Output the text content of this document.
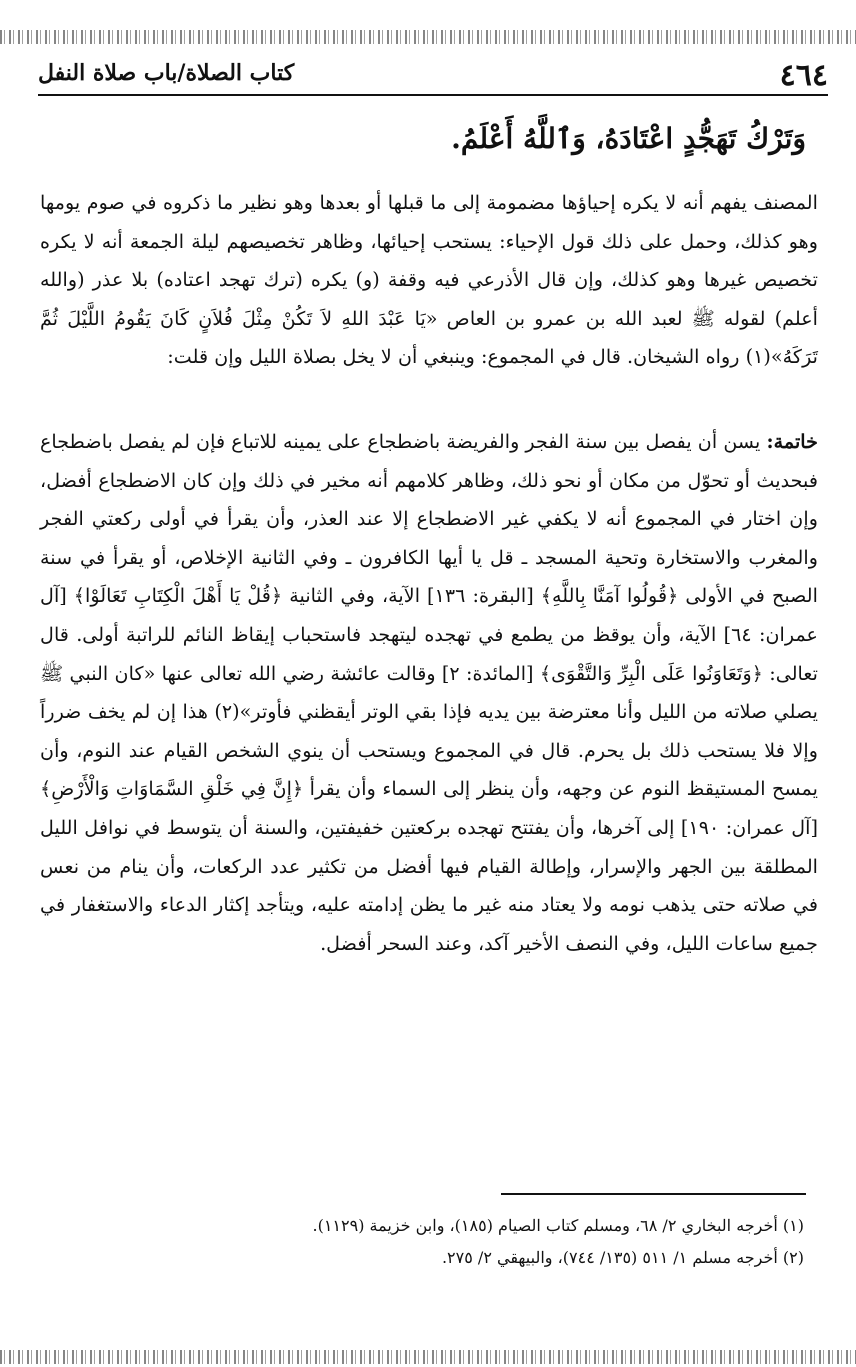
٤٦٤
كتاب الصلاة/باب صلاة النفل
وَتَرْكُ تَهَجُّدٍ اعْتَادَهُ، وَٱللَّهُ أَعْلَمُ.
المصنف يفهم أنه لا يكره إحياؤها مضمومة إلى ما قبلها أو بعدها وهو نظير ما ذكروه في صوم يومها وهو كذلك، وحمل على ذلك قول الإحياء: يستحب إحيائها، وظاهر تخصيصهم ليلة الجمعة أنه لا يكره تخصيص غيرها وهو كذلك، وإن قال الأذرعي فيه وقفة (و) يكره (ترك تهجد اعتاده) بلا عذر (والله أعلم) لقوله ﷺ لعبد الله بن عمرو بن العاص «يَا عَبْدَ اللهِ لاَ تَكُنْ مِثْلَ فُلاَنٍ كَانَ يَقُومُ اللَّيْلَ ثُمَّ تَرَكَهُ»(١) رواه الشيخان. قال في المجموع: وينبغي أن لا يخل بصلاة الليل وإن قلت:
خاتمة: يسن أن يفصل بين سنة الفجر والفريضة باضطجاع على يمينه للاتباع فإن لم يفصل باضطجاع فبحديث أو تحوّل من مكان أو نحو ذلك، وظاهر كلامهم أنه مخير في ذلك وإن كان الاضطجاع أفضل، وإن اختار في المجموع أنه لا يكفي غير الاضطجاع إلا عند العذر، وأن يقرأ في أولى ركعتي الفجر والمغرب والاستخارة وتحية المسجد ـ قل يا أيها الكافرون ـ وفي الثانية الإخلاص، أو يقرأ في سنة الصبح في الأولى ﴿قُولُوا آمَنَّا بِاللَّهِ﴾ [البقرة: ١٣٦] الآية، وفي الثانية ﴿قُلْ يَا أَهْلَ الْكِتَابِ تَعَالَوْا﴾ [آل عمران: ٦٤] الآية، وأن يوقظ من يطمع في تهجده ليتهجد فاستحباب إيقاظ النائم للراتبة أولى. قال تعالى: ﴿وَتَعَاوَنُوا عَلَى الْبِرِّ وَالتَّقْوَى﴾ [المائدة: ٢] وقالت عائشة رضي الله تعالى عنها «كان النبي ﷺ يصلي صلاته من الليل وأنا معترضة بين يديه فإذا بقي الوتر أيقظني فأوتر»(٢) هذا إن لم يخف ضرراً وإلا فلا يستحب ذلك بل يحرم. قال في المجموع ويستحب أن ينوي الشخص القيام عند النوم، وأن يمسح المستيقظ النوم عن وجهه، وأن ينظر إلى السماء وأن يقرأ ﴿إِنَّ فِي خَلْقِ السَّمَاوَاتِ وَالْأَرْضِ﴾ [آل عمران: ١٩٠] إلى آخرها، وأن يفتتح تهجده بركعتين خفيفتين، والسنة أن يتوسط في نوافل الليل المطلقة بين الجهر والإسرار، وإطالة القيام فيها أفضل من تكثير عدد الركعات، وأن ينام من نعس في صلاته حتى يذهب نومه ولا يعتاد منه غير ما يظن إدامته عليه، ويتأجد إكثار الدعاء والاستغفار في جميع ساعات الليل، وفي النصف الأخير آكد، وعند السحر أفضل.
(١) أخرجه البخاري ٢/ ٦٨، ومسلم كتاب الصيام (١٨٥)، وابن خزيمة (١١٢٩).
(٢) أخرجه مسلم ١/ ٥١١ (١٣٥/ ٧٤٤)، والبيهقي ٢/ ٢٧٥.
